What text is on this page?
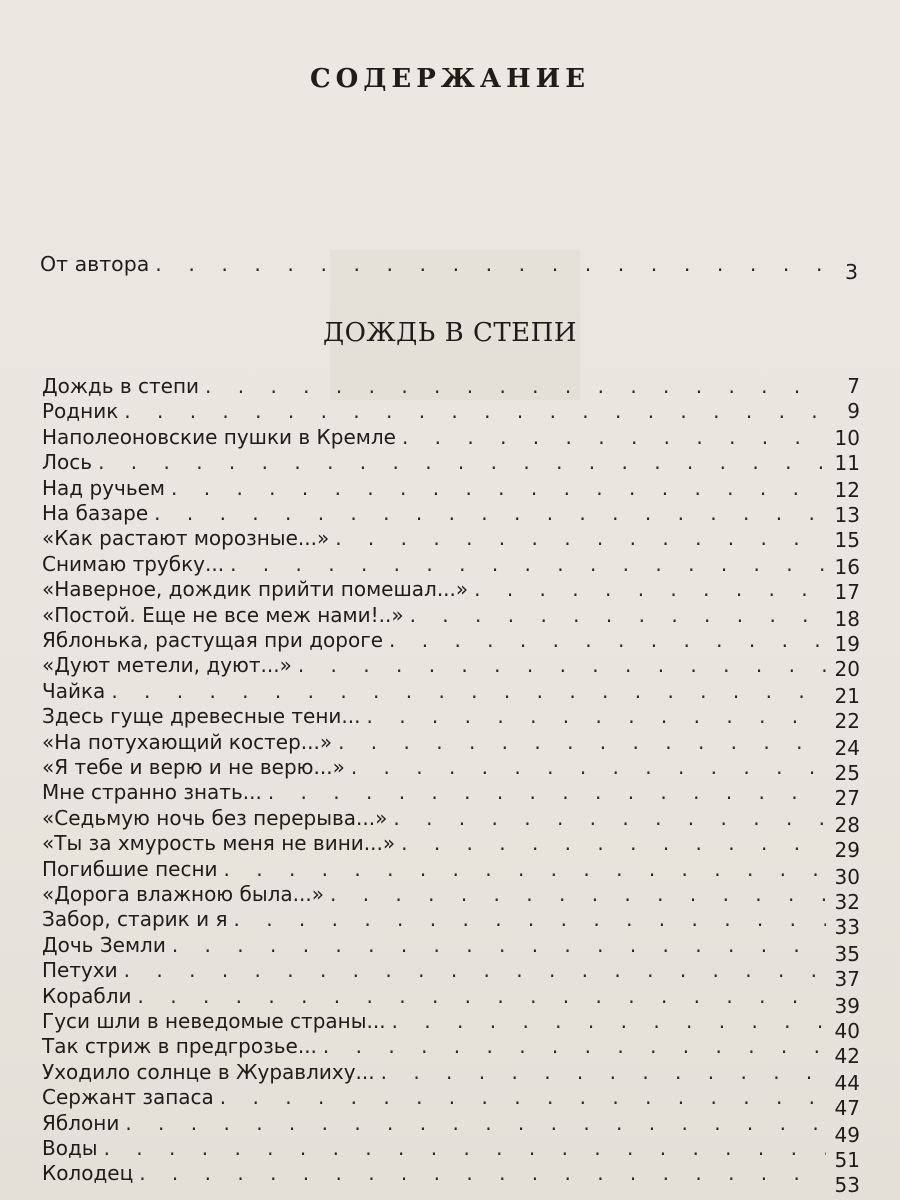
СОДЕРЖАНИЕ
От автора . . .	3
ДОЖДЬ В СТЕПИ
Дождь в степи . . .	7
Родник . . .	9
Наполеоновские пушки в Кремле . . .	10
Лось . . .	11
Над ручьем . . .	12
На базаре . . .	13
«Как растают морозные...» . . .	15
Снимаю трубку... . . .	16
«Наверное, дождик прийти помешал...» . . .	17
«Постой. Еще не все меж нами!..» . . .	18
Яблонька, растущая при дороге . . .	19
«Дуют метели, дуют...» . . .	20
Чайка . . .	21
Здесь гуще древесные тени... . . .	22
«На потухающий костер...» . . .	24
«Я тебе и верю и не верю...» . . .	25
Мне странно знать... . . .	27
«Седьмую ночь без перерыва...» . . .	28
«Ты за хмурость меня не вини...» . . .	29
Погибшие песни . . .	30
«Дорога влажною была...» . . .	32
Забор, старик и я . . .	33
Дочь Земли . . .	35
Петухи . . .	37
Корабли . . .	39
Гуси шли в неведомые страны... . . .	40
Так стриж в предгрозье... . . .	42
Уходило солнце в Журавлиху... . . .	44
Сержант запаса . . .	47
Яблони . . .	49
Воды . . .	51
Колодец . . .	53
